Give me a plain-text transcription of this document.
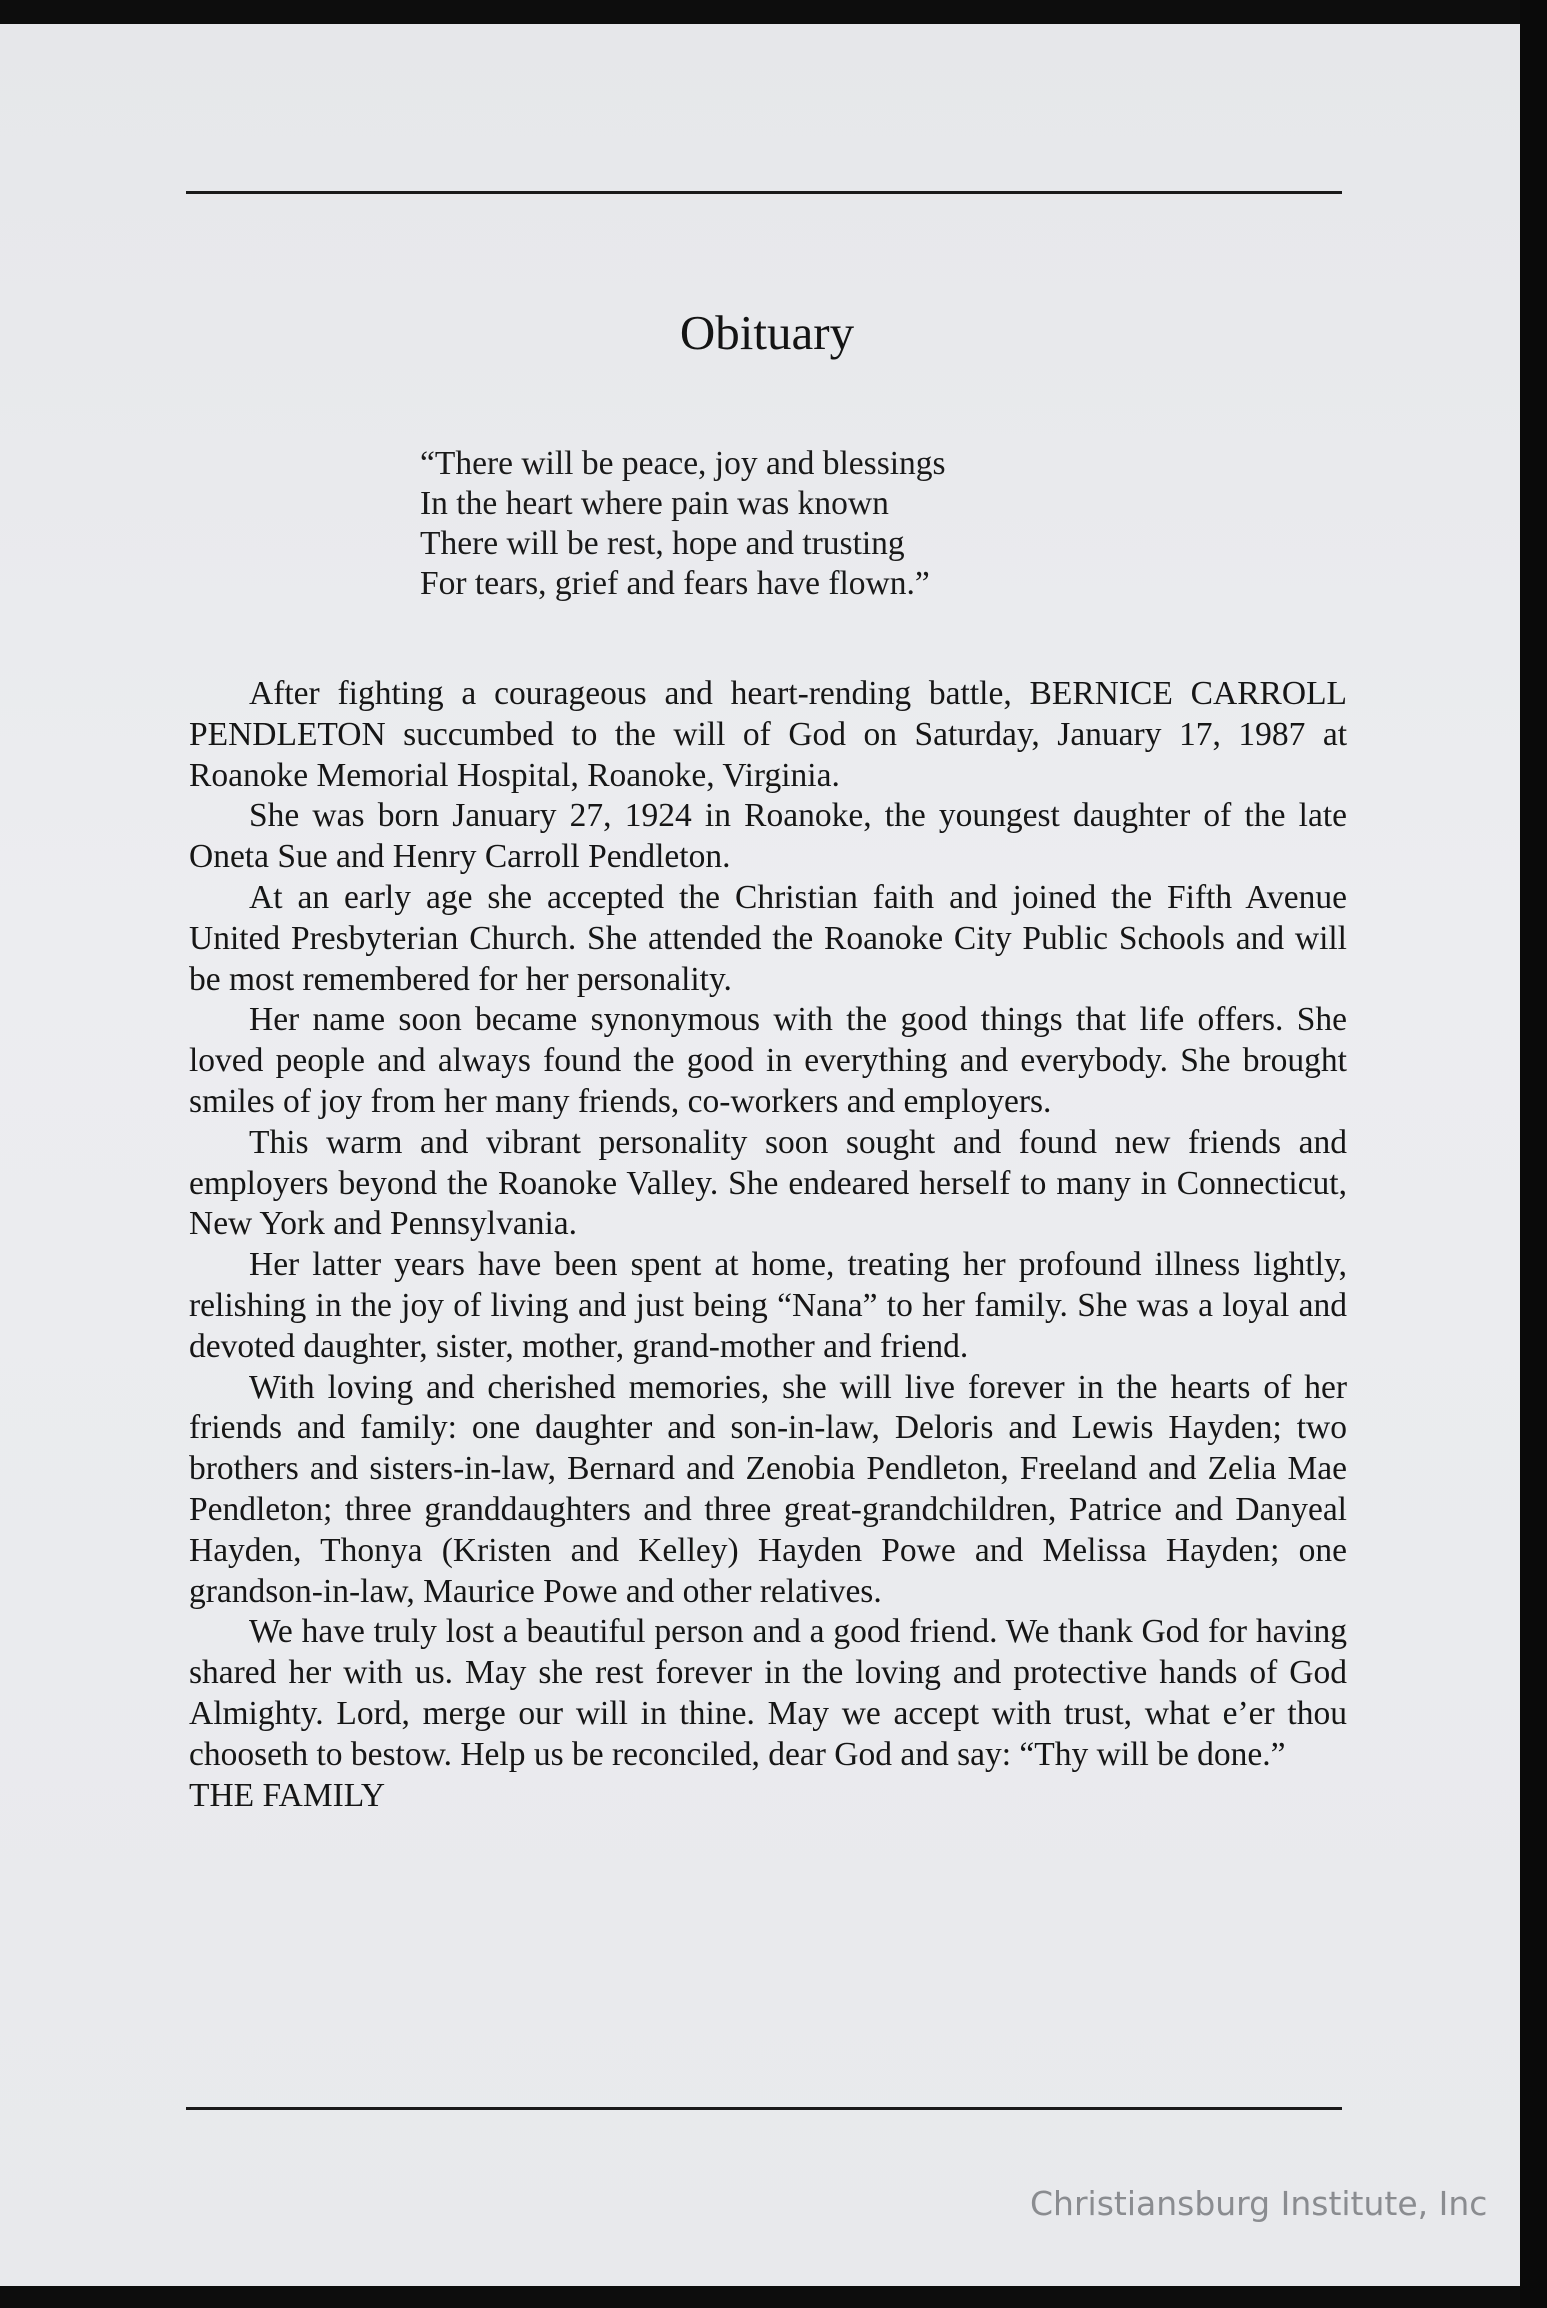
Obituary
“There will be peace, joy and blessings
In the heart where pain was known
There will be rest, hope and trusting
For tears, grief and fears have flown.”

After fighting a courageous and heart-rending battle, BERNICE CARROLL PENDLETON succumbed to the will of God on Saturday, January 17, 1987 at Roanoke Memorial Hospital, Roanoke, Virginia.

She was born January 27, 1924 in Roanoke, the youngest daughter of the late Oneta Sue and Henry Carroll Pendleton.

At an early age she accepted the Christian faith and joined the Fifth Avenue United Presbyterian Church. She attended the Roanoke City Public Schools and will be most remembered for her personality.

Her name soon became synonymous with the good things that life offers. She loved people and always found the good in everything and everybody. She brought smiles of joy from her many friends, co-workers and employers.

This warm and vibrant personality soon sought and found new friends and employers beyond the Roanoke Valley. She endeared herself to many in Connecticut, New York and Pennsylvania.

Her latter years have been spent at home, treating her profound illness lightly, relishing in the joy of living and just being “Nana” to her family. She was a loyal and devoted daughter, sister, mother, grand-mother and friend.

With loving and cherished memories, she will live forever in the hearts of her friends and family: one daughter and son-in-law, Deloris and Lewis Hayden; two brothers and sisters-in-law, Bernard and Zenobia Pendleton, Freeland and Zelia Mae Pendleton; three granddaughters and three great-grandchildren, Patrice and Danyeal Hayden, Thonya (Kristen and Kelley) Hayden Powe and Melissa Hayden; one grandson-in-law, Maurice Powe and other relatives.

We have truly lost a beautiful person and a good friend. We thank God for having shared her with us. May she rest forever in the loving and protective hands of God Almighty. Lord, merge our will in thine. May we accept with trust, what e’er thou chooseth to bestow. Help us be reconciled, dear God and say: “Thy will be done.”

THE FAMILY

Christiansburg Institute, Inc
